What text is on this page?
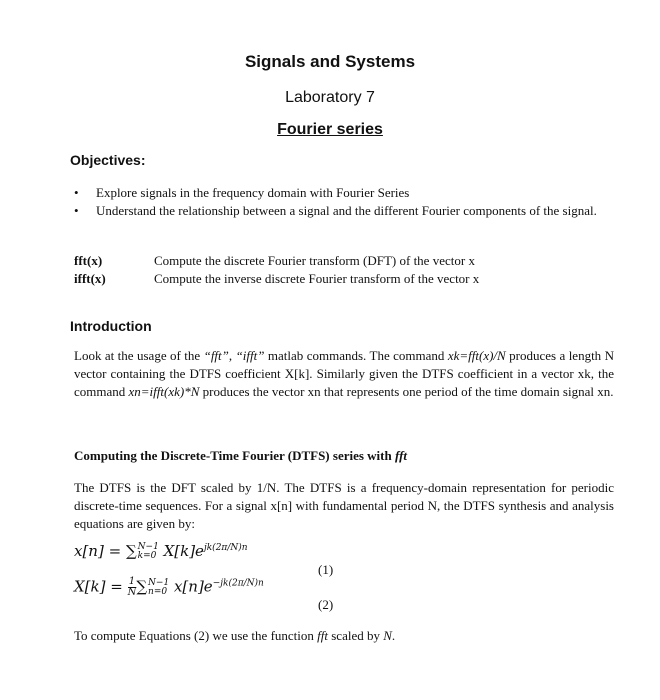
Signals and Systems
Laboratory 7
Fourier series
Objectives:
• Explore signals in the frequency domain with Fourier Series
• Understand the relationship between a signal and the different Fourier components of the signal.
fft(x)	Compute the discrete Fourier transform (DFT) of the vector x
ifft(x)	Compute the inverse discrete Fourier transform of the vector x
Introduction
Look at the usage of the “fft”, “ifft” matlab commands. The command xk=fft(x)/N produces a length N vector containing the DTFS coefficient X[k]. Similarly given the DTFS coefficient in a vector xk, the command xn=ifft(xk)*N produces the vector xn that represents one period of the time domain signal xn.
Computing the Discrete-Time Fourier (DTFS) series with fft
The DTFS is the DFT scaled by 1/N. The DTFS is a frequency-domain representation for periodic discrete-time sequences. For a signal x[n] with fundamental period N, the DTFS synthesis and analysis equations are given by:
x[n] = ∑ N−1
k=0 $X[k]e^{jk(2\pi/N)n}$
(1)
$X[k] = \frac{1}{N}$ ∑ N−1
n=0 $x[n]e^{-jk(2\pi/N)n}$
(2)
To compute Equations (2) we use the function fft scaled by N.
